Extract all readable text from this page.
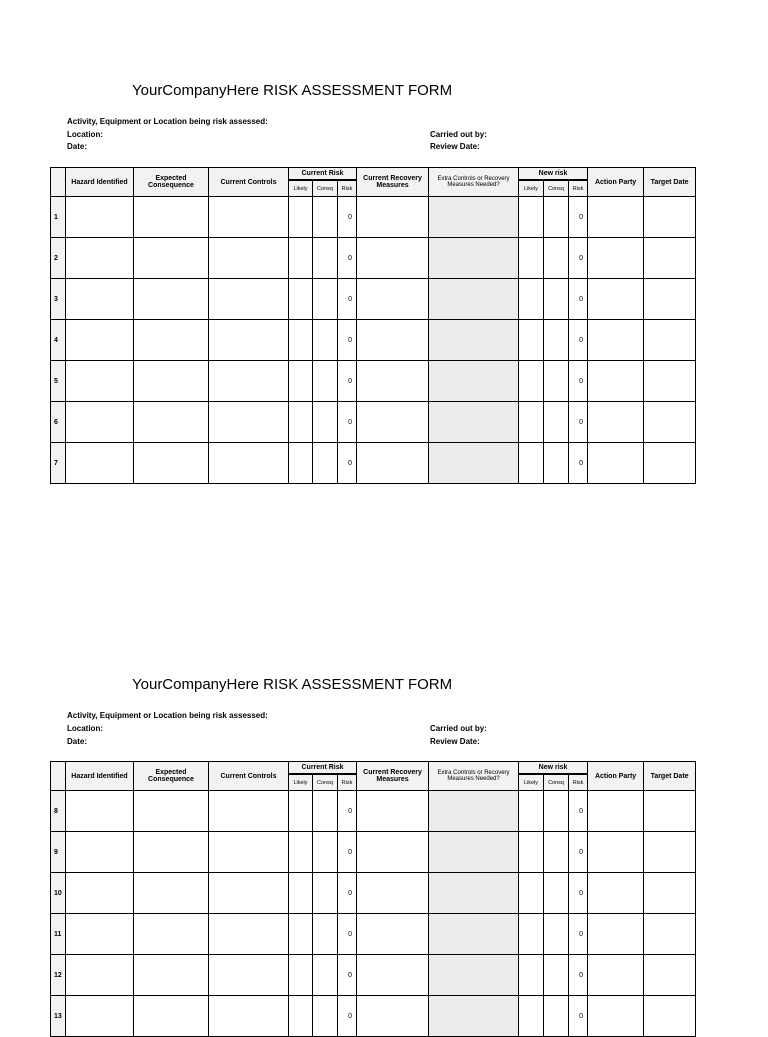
YourCompanyHere RISK ASSESSMENT FORM
Activity, Equipment or Location being risk assessed:
Location:
Date:
Carried out by:
Review Date:
	Hazard Identified	Expected Consequence	Current Controls	Current Risk			Current Recovery Measures	Extra Controls or Recovery Measures Needed?	New risk			Action Party	Target Date
				Likely	Consq	Risk			Likely	Consq	Risk		
1						0					0		
2						0					0		
3						0					0		
4						0					0		
5						0					0		
6						0					0		
7						0					0		
YourCompanyHere RISK ASSESSMENT FORM
Activity, Equipment or Location being risk assessed:
Location:
Date:
Carried out by:
Review Date:
	Hazard Identified	Expected Consequence	Current Controls	Current Risk			Current Recovery Measures	Extra Controls or Recovery Measures Needed?	New risk			Action Party	Target Date
				Likely	Consq	Risk			Likely	Consq	Risk		
8						0					0		
9						0					0		
10						0					0		
11						0					0		
12						0					0		
13						0					0		
